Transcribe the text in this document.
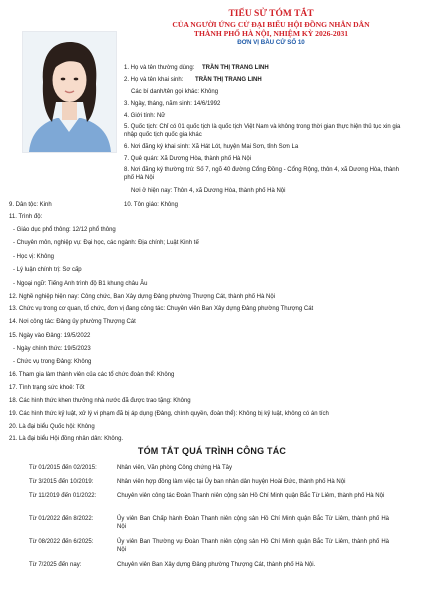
TIỂU SỬ TÓM TẮT
CỦA NGƯỜI ỨNG CỬ ĐẠI BIỂU HỘI ĐỒNG NHÂN DÂN
THÀNH PHỐ HÀ NỘI, NHIỆM KỲ 2026-2031
ĐƠN VỊ BẦU CỬ SỐ 10
1. Họ và tên thường dùng: TRẦN THỊ TRANG LINH
2. Họ và tên khai sinh: TRẦN THỊ TRANG LINH
Các bí danh/tên gọi khác: Không
3. Ngày, tháng, năm sinh: 14/6/1992
4. Giới tính: Nữ
5. Quốc tịch: Chỉ có 01 quốc tịch là quốc tịch Việt Nam và không trong thời gian thực hiện thủ tục xin gia nhập quốc tịch quốc gia khác
6. Nơi đăng ký khai sinh: Xã Hát Lót, huyện Mai Sơn, tỉnh Sơn La
7. Quê quán: Xã Dương Hòa, thành phố Hà Nội
8. Nơi đăng ký thường trú: Số 7, ngõ 40 đường Cổng Đồng - Cổng Rộng, thôn 4, xã Dương Hòa, thành phố Hà Nội
Nơi ở hiện nay: Thôn 4, xã Dương Hòa, thành phố Hà Nội
9. Dân tộc: Kinh	10. Tôn giáo: Không
11. Trình độ:
- Giáo dục phổ thông: 12/12 phổ thông
- Chuyên môn, nghiệp vụ: Đại học, các ngành: Địa chính; Luật Kinh tế
- Học vị: Không
- Lý luận chính trị: Sơ cấp
- Ngoại ngữ: Tiếng Anh trình độ B1 khung châu Âu
12. Nghề nghiệp hiện nay: Công chức, Ban Xây dựng Đảng phường Thượng Cát, thành phố Hà Nội
13. Chức vụ trong cơ quan, tổ chức, đơn vị đang công tác: Chuyên viên Ban Xây dựng Đảng phường Thượng Cát
14. Nơi công tác: Đảng ủy phường Thượng Cát
15. Ngày vào Đảng: 19/5/2022
- Ngày chính thức: 19/5/2023
- Chức vụ trong Đảng: Không
16. Tham gia làm thành viên của các tổ chức đoàn thể: Không
17. Tình trạng sức khoẻ: Tốt
18. Các hình thức khen thưởng nhà nước đã được trao tặng: Không
19. Các hình thức kỷ luật, xử lý vi phạm đã bị áp dụng (Đảng, chính quyền, đoàn thể): Không bị kỷ luật, không có án tích
20. Là đại biểu Quốc hội: Không
21. Là đại biểu Hội đồng nhân dân: Không.
TÓM TẮT QUÁ TRÌNH CÔNG TÁC
Từ 01/2015 đến 02/2015:	Nhân viên, Văn phòng Công chứng Hà Tây
Từ 3/2015 đến 10/2019:	Nhân viên hợp đồng làm việc tại Ủy ban nhân dân huyện Hoài Đức, thành phố Hà Nội
Từ 11/2019 đến 01/2022:	Chuyên viên công tác Đoàn Thanh niên cộng sản Hồ Chí Minh quận Bắc Từ Liêm, thành phố Hà Nội
Từ 01/2022 đến 8/2022:	Ủy viên Ban Chấp hành Đoàn Thanh niên cộng sản Hồ Chí Minh quận Bắc Từ Liêm, thành phố Hà Nội
Từ 08/2022 đến 6/2025:	Ủy viên Ban Thường vụ Đoàn Thanh niên cộng sản Hồ Chí Minh quận Bắc Từ Liêm, thành phố Hà Nội
Từ 7/2025 đến nay:	Chuyên viên Ban Xây dựng Đảng phường Thượng Cát, thành phố Hà Nội.
